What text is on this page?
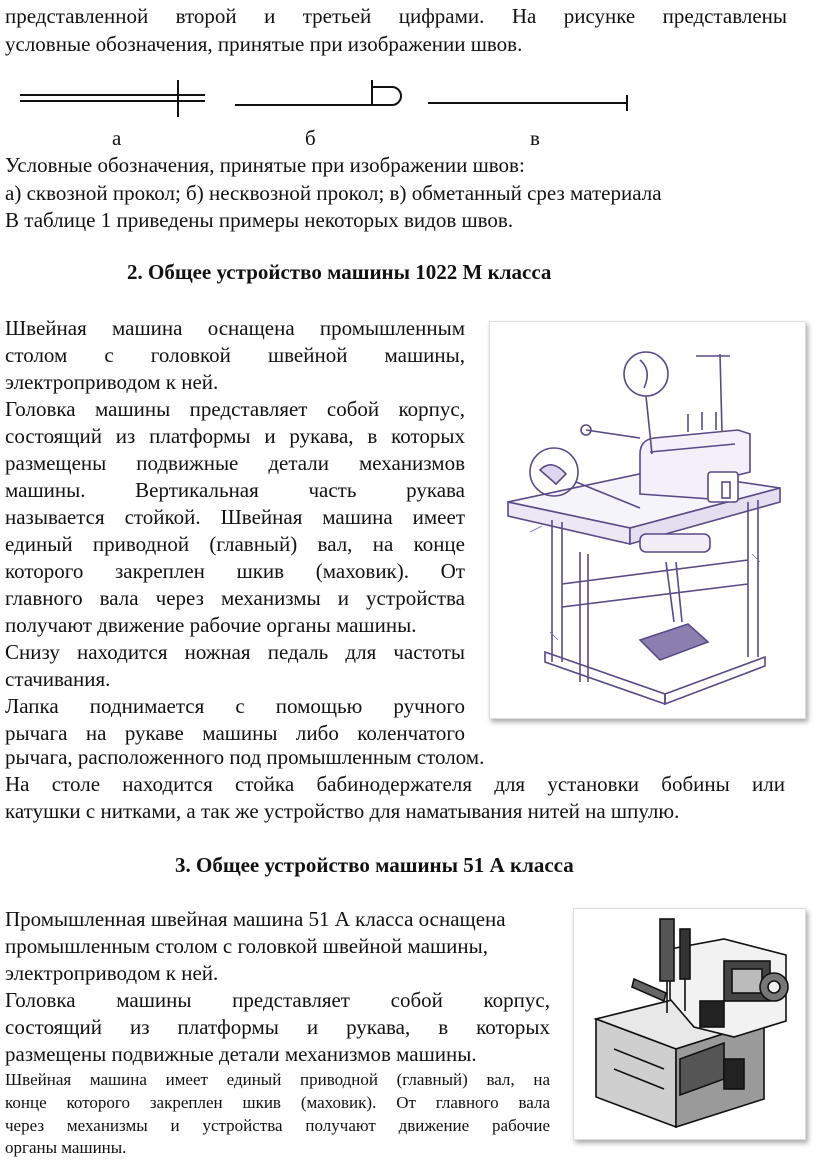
представленной второй и третьей цифрами. На рисунке представлены
условные обозначения, принятые при изображении швов.
а	б	в
Условные обозначения, принятые при изображении швов:
а) сквозной прокол; б) несквозной прокол; в) обметанный срез материала
В таблице 1 приведены примеры некоторых видов швов.
2. Общее устройство машины 1022 М класса
Швейная машина оснащена промышленным
столом с головкой швейной машины,
электроприводом к ней.
Головка машины представляет собой корпус,
состоящий из платформы и рукава, в которых
размещены подвижные детали механизмов
машины. Вертикальная часть рукава
называется стойкой. Швейная машина имеет
единый приводной (главный) вал, на конце
которого закреплен шкив (маховик). От
главного вала через механизмы и устройства
получают движение рабочие органы машины.
Снизу находится ножная педаль для частоты
стачивания.
Лапка поднимается с помощью ручного
рычага на рукаве машины либо коленчатого
рычага, расположенного под промышленным столом.
На столе находится стойка бабинодержателя для установки бобины или
катушки с нитками, а так же устройство для наматывания нитей на шпулю.
3. Общее устройство машины 51 А класса
Промышленная швейная машина 51 А класса оснащена
промышленным столом с головкой швейной машины,
электроприводом к ней.
Головка машины представляет собой корпус,
состоящий из платформы и рукава, в которых
размещены подвижные детали механизмов машины.
Швейная машина имеет единый приводной (главный) вал, на
конце которого закреплен шкив (маховик). От главного вала
через механизмы и устройства получают движение рабочие
органы машины.
